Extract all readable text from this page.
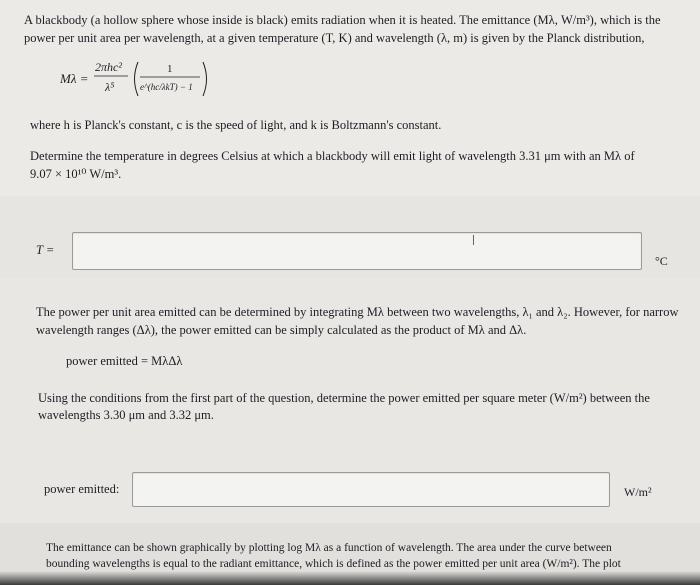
A blackbody (a hollow sphere whose inside is black) emits radiation when it is heated. The emittance (Mλ, W/m³), which is the
power per unit area per wavelength, at a given temperature (T, K) and wavelength (λ, m) is given by the Planck distribution,
Mλ =
2πhc²
λ⁵
1
e^(hc/λkT) − 1
where h is Planck's constant, c is the speed of light, and k is Boltzmann's constant.
Determine the temperature in degrees Celsius at which a blackbody will emit light of wavelength 3.31 μm with an Mλ of
9.07 × 10¹⁰ W/m³.
T =
°C
The power per unit area emitted can be determined by integrating Mλ between two wavelengths, λ₁ and λ₂. However, for narrow
wavelength ranges (Δλ), the power emitted can be simply calculated as the product of Mλ and Δλ.
power emitted = MλΔλ
Using the conditions from the first part of the question, determine the power emitted per square meter (W/m²) between the
wavelengths 3.30 μm and 3.32 μm.
power emitted:	W/m²
The emittance can be shown graphically by plotting log Mλ as a function of wavelength. The area under the curve between
bounding wavelengths is equal to the radiant emittance, which is defined as the power emitted per unit area (W/m²). The plot
